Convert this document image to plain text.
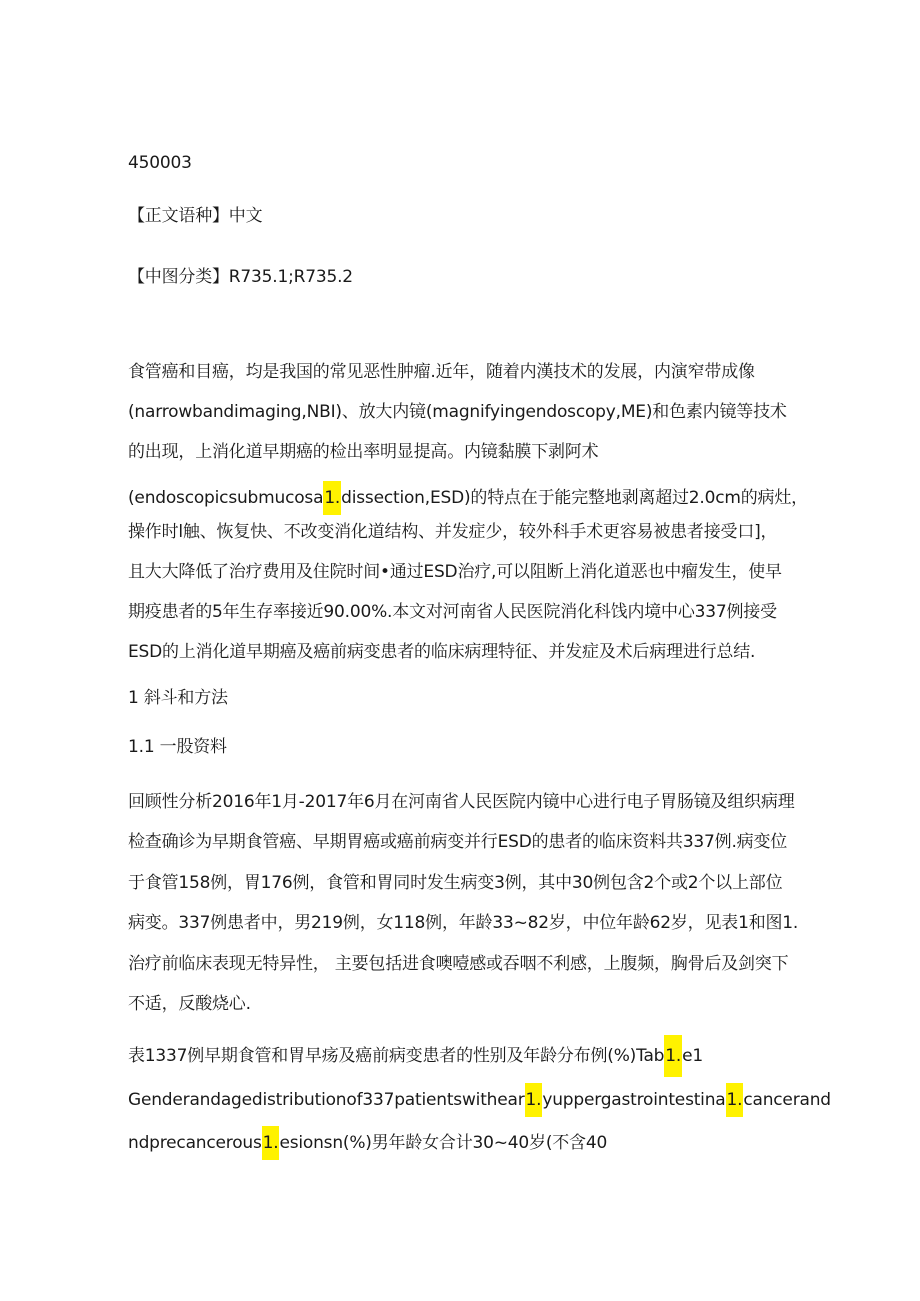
450003
【正文语种】中文
【中图分类】R735.1;R735.2
食管癌和目癌，均是我国的常见恶性肿瘤.近年，随着内漢技术的发展，内演窄带成像
(narrowbandimaging,NBI)、放大内镜(magnifyingendoscopy,ME)和色素内镜等技术
的出现，上消化道早期癌的检出率明显提高。内镜黏膜下剥阿术
(endoscopicsubmucosa1.dissection,ESD)的特点在于能完整地剥离超过2.0cm的病灶，
操作时l触、恢复快、不改变消化道结构、并发症少，较外科手术更容易被患者接受口]，
且大大降低了治疗费用及住院时间•通过ESD治疗,可以阻断上消化道恶也中瘤发生，使早
期疫患者的5年生存率接近90.00%.本文对河南省人民医院消化科饯内境中心337例接受
ESD的上消化道早期癌及癌前病变患者的临床病理特征、并发症及术后病理进行总结.
1 斜斗和方法
1.1 一股资料
回顾性分析2016年1月-2017年6月在河南省人民医院内镜中心进行电子胃肠镜及组织病理
检查确诊为早期食管癌、早期胃癌或癌前病变并行ESD的患者的临床资料共337例.病变位
于食管158例，胃176例，食管和胃同时发生病变3例，其中30例包含2个或2个以上部位
病变。337例患者中，男219例，女118例，年龄33~82岁，中位年龄62岁，见表1和图1.
治疗前临床表现无特异性， 主要包括进食噢噎感或吞咽不利感，上腹频，胸骨后及剑突下
不适，反酸烧心.
表1337例早期食管和胃早疡及癌前病变患者的性别及年龄分布例(%)Tab1.e1
Genderandagedistributionof337patientswithear1.yuppergastrointestina1.cancerand
ndprecancerous1.esionsn(%)男年龄女合计30~40岁(不含40
